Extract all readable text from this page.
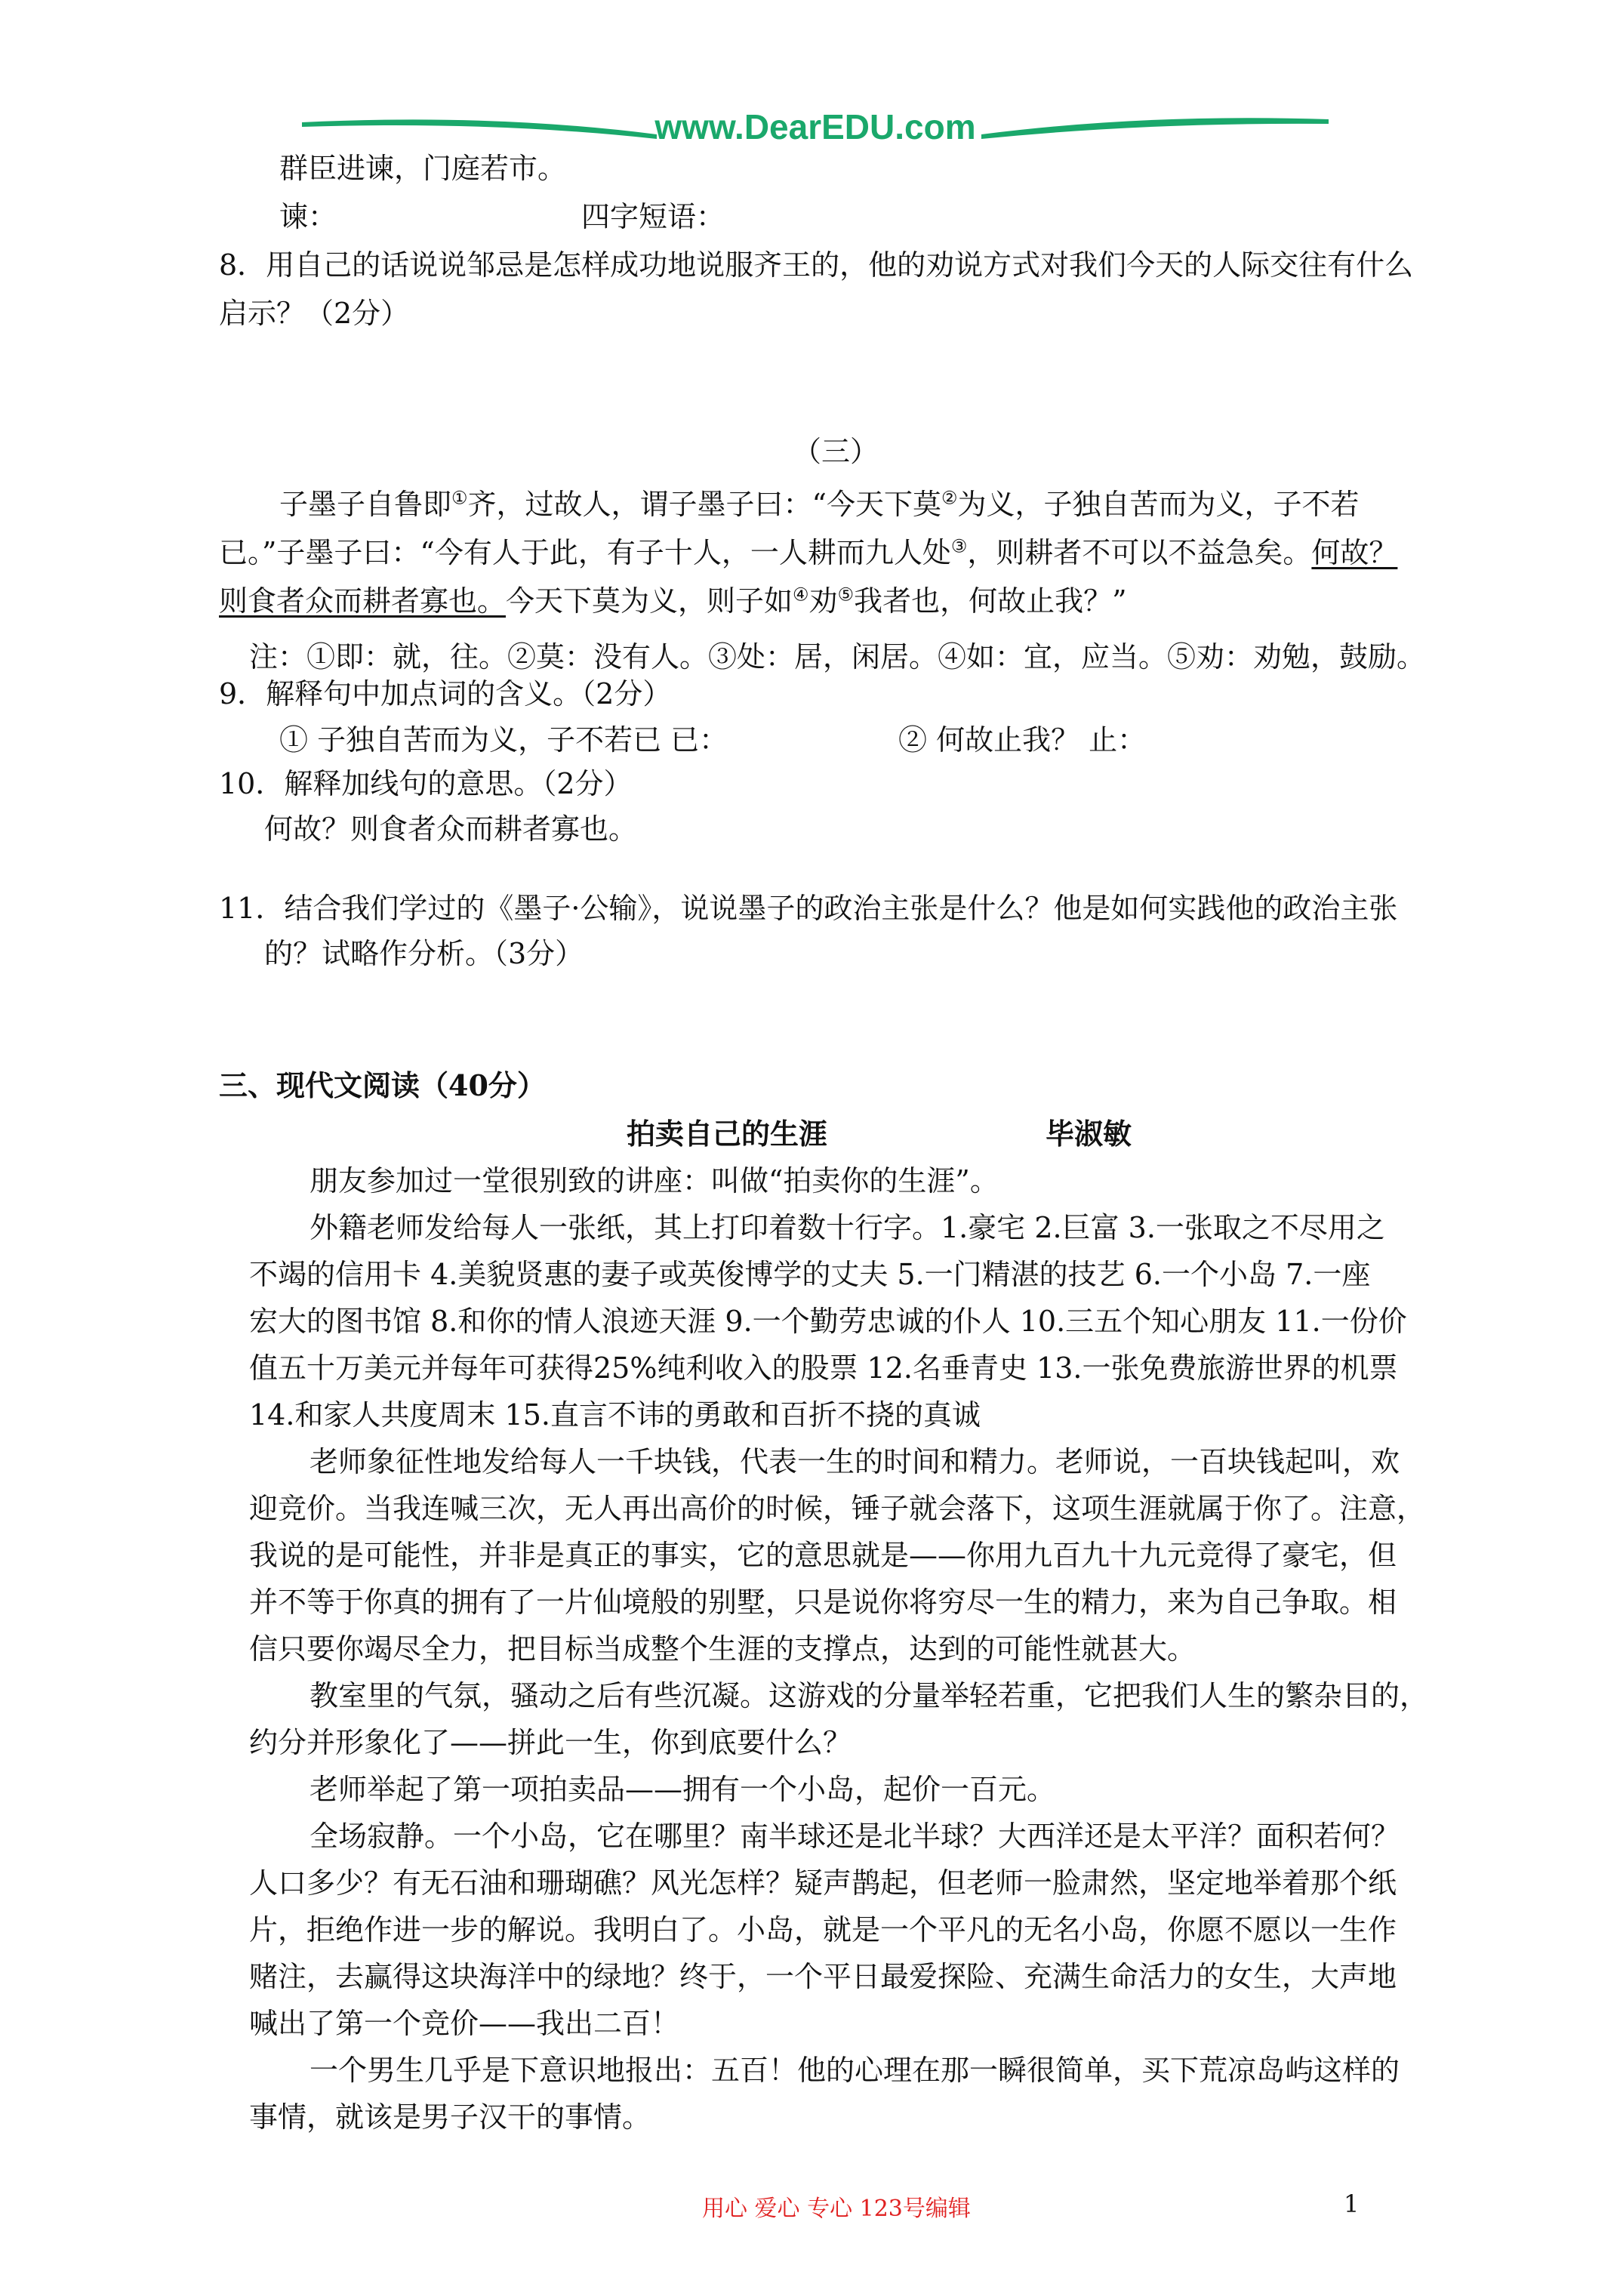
www.DearEDU.com
群臣进谏，门庭若市。
谏：	四字短语：
8．用自己的话说说邹忌是怎样成功地说服齐王的，他的劝说方式对我们今天的人际交往有什么
启示？（2分）
（三）
子墨子自鲁即①齐，过故人，谓子墨子曰：“今天下莫②为义，子独自苦而为义，子不若
已。”子墨子曰：“今有人于此，有子十人，一人耕而九人处③，则耕者不可以不益急矣。何故？
则食者众而耕者寡也。今天下莫为义，则子如④劝⑤我者也，何故止我？”
注：①即：就，往。②莫：没有人。③处：居，闲居。④如：宜，应当。⑤劝：劝勉，鼓励。
9．解释句中加点词的含义。（2分）
① 子独自苦而为义，子不若已 已：	② 何故止我？ 止：
10．解释加线句的意思。（2分）
何故？则食者众而耕者寡也。
11．结合我们学过的《墨子·公输》，说说墨子的政治主张是什么？他是如何实践他的政治主张
的？试略作分析。（3分）
三、现代文阅读（40分）
拍卖自己的生涯	毕淑敏
朋友参加过一堂很别致的讲座：叫做“拍卖你的生涯”。
外籍老师发给每人一张纸，其上打印着数十行字。1.豪宅 2.巨富 3.一张取之不尽用之
不竭的信用卡 4.美貌贤惠的妻子或英俊博学的丈夫 5.一门精湛的技艺 6.一个小岛 7.一座
宏大的图书馆 8.和你的情人浪迹天涯 9.一个勤劳忠诚的仆人 10.三五个知心朋友 11.一份价
值五十万美元并每年可获得25%纯利收入的股票 12.名垂青史 13.一张免费旅游世界的机票
14.和家人共度周末 15.直言不讳的勇敢和百折不挠的真诚
老师象征性地发给每人一千块钱，代表一生的时间和精力。老师说，一百块钱起叫，欢
迎竞价。当我连喊三次，无人再出高价的时候，锤子就会落下，这项生涯就属于你了。注意，
我说的是可能性，并非是真正的事实，它的意思就是——你用九百九十九元竞得了豪宅，但
并不等于你真的拥有了一片仙境般的别墅，只是说你将穷尽一生的精力，来为自己争取。相
信只要你竭尽全力，把目标当成整个生涯的支撑点，达到的可能性就甚大。
教室里的气氛，骚动之后有些沉凝。这游戏的分量举轻若重，它把我们人生的繁杂目的，
约分并形象化了——拼此一生，你到底要什么？
老师举起了第一项拍卖品——拥有一个小岛，起价一百元。
全场寂静。一个小岛，它在哪里？南半球还是北半球？大西洋还是太平洋？面积若何？
人口多少？有无石油和珊瑚礁？风光怎样？疑声鹊起，但老师一脸肃然，坚定地举着那个纸
片，拒绝作进一步的解说。我明白了。小岛，就是一个平凡的无名小岛，你愿不愿以一生作
赌注，去赢得这块海洋中的绿地？终于，一个平日最爱探险、充满生命活力的女生，大声地
喊出了第一个竞价——我出二百！
一个男生几乎是下意识地报出：五百！他的心理在那一瞬很简单，买下荒凉岛屿这样的
事情，就该是男子汉干的事情。
用心 爱心 专心 123号编辑	1
